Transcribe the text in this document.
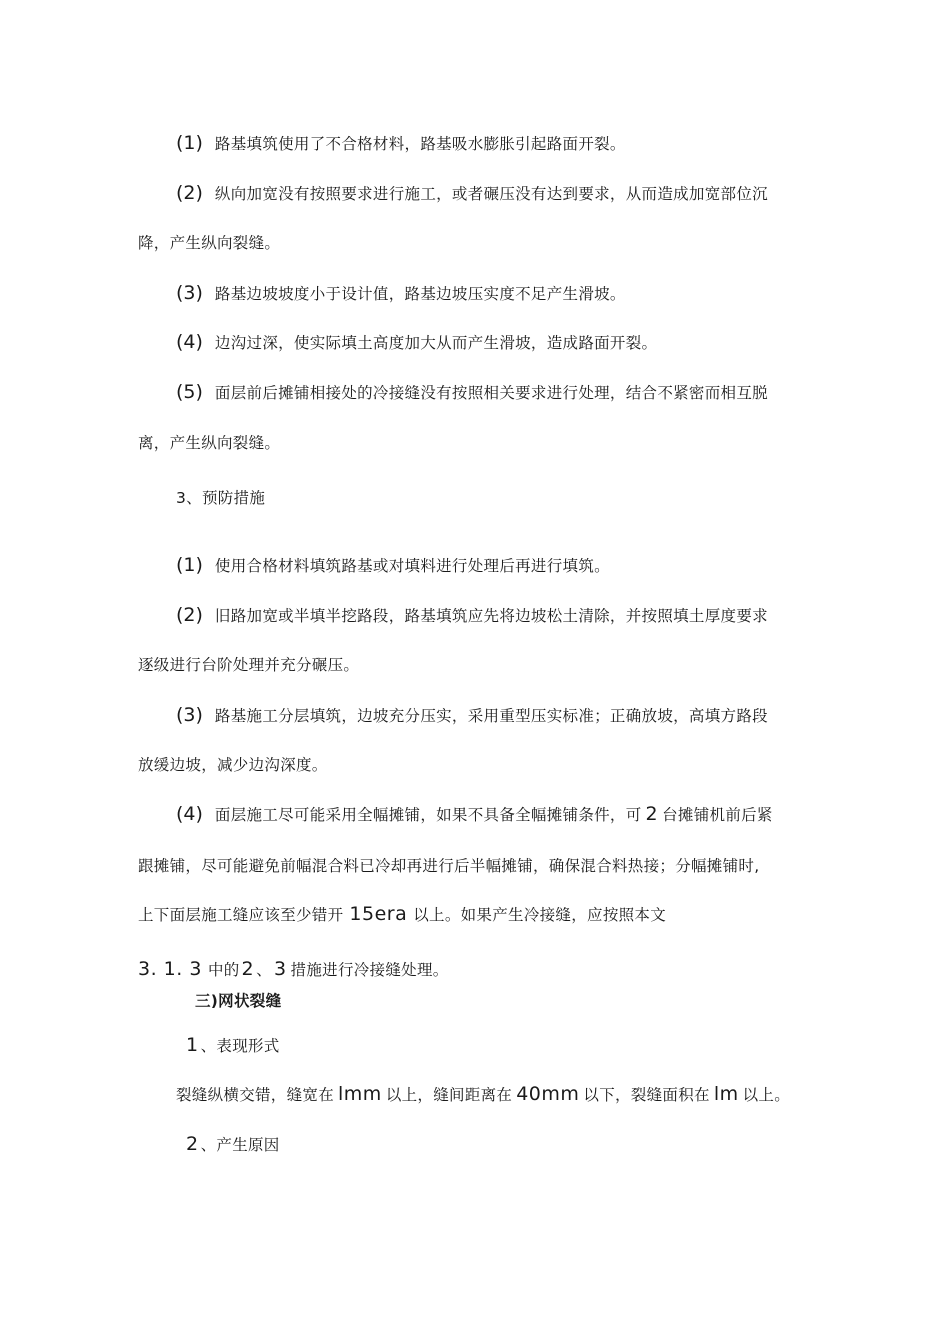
(1) 路基填筑使用了不合格材料，路基吸水膨胀引起路面开裂。
(2) 纵向加宽没有按照要求进行施工，或者碾压没有达到要求，从而造成加宽部位沉
降，产生纵向裂缝。
(3) 路基边坡坡度小于设计值，路基边坡压实度不足产生滑坡。
(4) 边沟过深，使实际填土高度加大从而产生滑坡，造成路面开裂。
(5) 面层前后摊铺相接处的冷接缝没有按照相关要求进行处理，结合不紧密而相互脱
离，产生纵向裂缝。
3、预防措施
(1) 使用合格材料填筑路基或对填料进行处理后再进行填筑。
(2) 旧路加宽或半填半挖路段，路基填筑应先将边坡松土清除，并按照填土厚度要求
逐级进行台阶处理并充分碾压。
(3) 路基施工分层填筑，边坡充分压实，采用重型压实标准；正确放坡，高填方路段
放缓边坡，减少边沟深度。
(4) 面层施工尽可能采用全幅摊铺，如果不具备全幅摊铺条件，可 2 台摊铺机前后紧
跟摊铺，尽可能避免前幅混合料已冷却再进行后半幅摊铺，确保混合料热接；分幅摊铺时,
上下面层施工缝应该至少错开 15era 以上。如果产生冷接缝，应按照本文
3. 1. 3 中的 2 、 3 措施进行冷接缝处理。
三)网状裂缝
1 、表现形式
裂缝纵横交错，缝宽在 lmm 以上，缝间距离在 40mm 以下，裂缝面积在 lm 以上。
2 、产生原因
